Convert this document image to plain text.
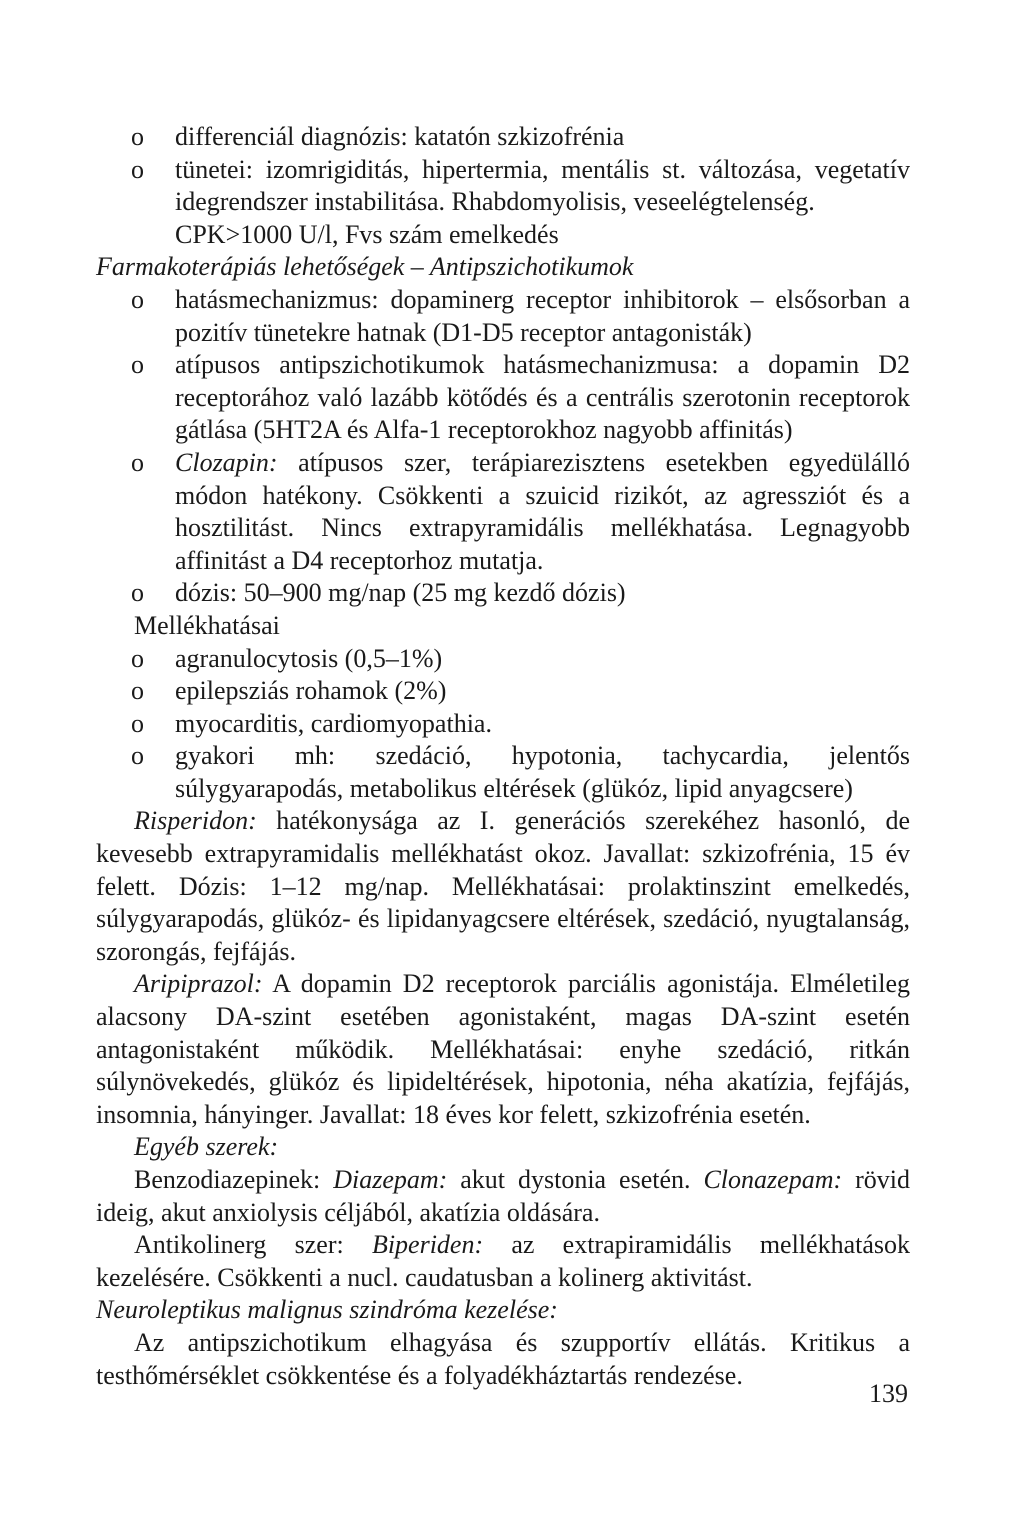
o differenciál diagnózis: katatón szkizofrénia
o tünetei: izomrigiditás, hipertermia, mentális st. változása, vegetatív idegrendszer instabilitása. Rhabdomyolisis, veseelégtelenség.
CPK>1000 U/l, Fvs szám emelkedés
Farmakoterápiás lehetőségek – Antipszichotikumok
o hatásmechanizmus: dopaminerg receptor inhibitorok – elsősorban a pozitív tünetekre hatnak (D1-D5 receptor antagonisták)
o atípusos antipszichotikumok hatásmechanizmusa: a dopamin D2 receptorához való lazább kötődés és a centrális szerotonin receptorok gátlása (5HT2A és Alfa-1 receptorokhoz nagyobb affinitás)
o Clozapin: atípusos szer, terápiarezisztens esetekben egyedülálló módon hatékony. Csökkenti a szuicid rizikót, az agressziót és a hosztilitást. Nincs extrapyramidális mellékhatása. Legnagyobb affinitást a D4 receptorhoz mutatja.
o dózis: 50–900 mg/nap (25 mg kezdő dózis)
Mellékhatásai
o agranulocytosis (0,5–1%)
o epilepsziás rohamok (2%)
o myocarditis, cardiomyopathia.
o gyakori mh: szedáció, hypotonia, tachycardia, jelentős súlygyarapodás, metabolikus eltérések (glükóz, lipid anyagcsere)
Risperidon: hatékonysága az I. generációs szerekéhez hasonló, de kevesebb extrapyramidalis mellékhatást okoz. Javallat: szkizofrénia, 15 év felett. Dózis: 1–12 mg/nap. Mellékhatásai: prolaktinszint emelkedés, súlygyarapodás, glükóz- és lipidanyagcsere eltérések, szedáció, nyugtalanság, szorongás, fejfájás.
Aripiprazol: A dopamin D2 receptorok parciális agonistája. Elméletileg alacsony DA-szint esetében agonistaként, magas DA-szint esetén antagonistaként működik. Mellékhatásai: enyhe szedáció, ritkán súlynövekedés, glükóz és lipideltérések, hipotonia, néha akatízia, fejfájás, insomnia, hányinger. Javallat: 18 éves kor felett, szkizofrénia esetén.
Egyéb szerek:
Benzodiazepinek: Diazepam: akut dystonia esetén. Clonazepam: rövid ideig, akut anxiolysis céljából, akatízia oldására.
Antikolinerg szer: Biperiden: az extrapiramidális mellékhatások kezelésére. Csökkenti a nucl. caudatusban a kolinerg aktivitást.
Neuroleptikus malignus szindróma kezelése:
Az antipszichotikum elhagyása és szupportív ellátás. Kritikus a testhőmérséklet csökkentése és a folyadékháztartás rendezése.
139
